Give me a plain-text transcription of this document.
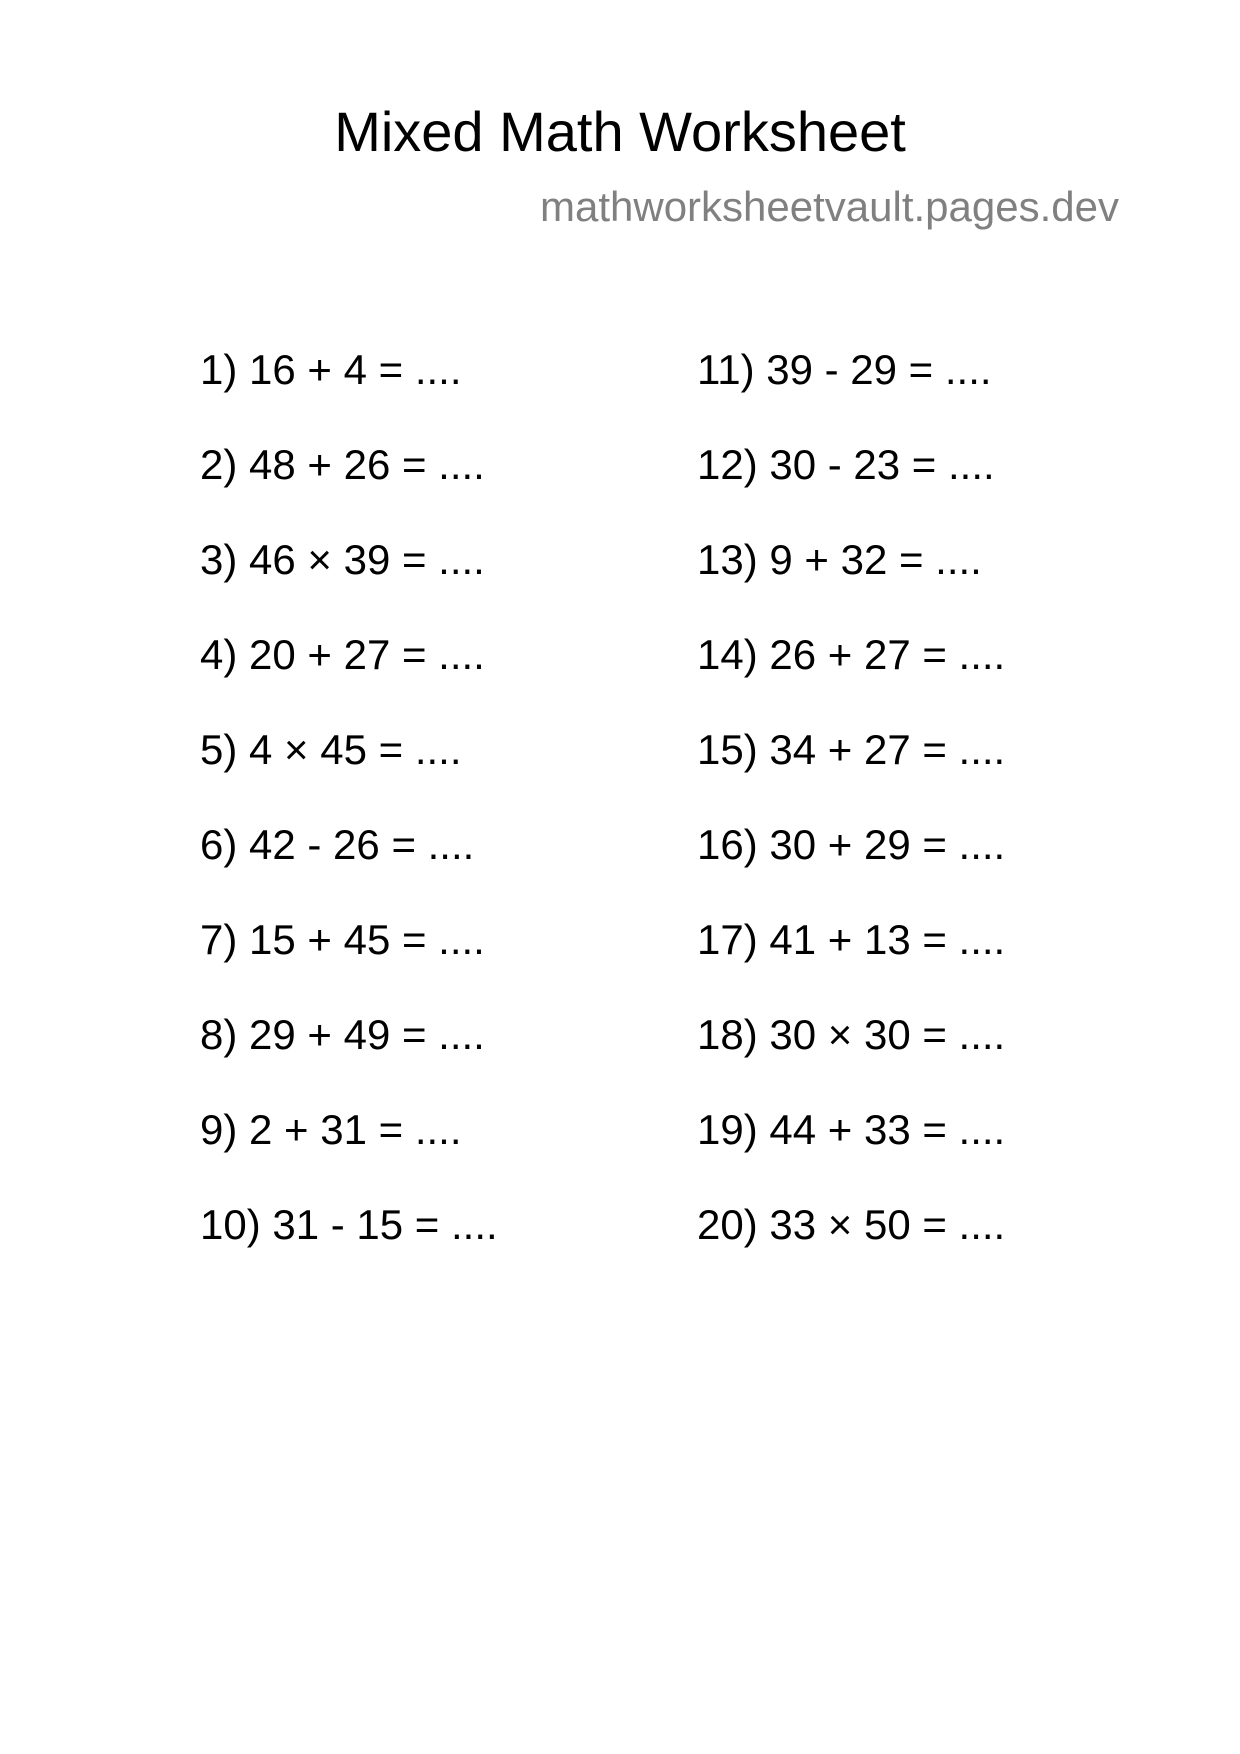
Mixed Math Worksheet
mathworksheetvault.pages.dev
1) 16 + 4 = ....
2) 48 + 26 = ....
3) 46 × 39 = ....
4) 20 + 27 = ....
5) 4 × 45 = ....
6) 42 - 26 = ....
7) 15 + 45 = ....
8) 29 + 49 = ....
9) 2 + 31 = ....
10) 31 - 15 = ....
11) 39 - 29 = ....
12) 30 - 23 = ....
13) 9 + 32 = ....
14) 26 + 27 = ....
15) 34 + 27 = ....
16) 30 + 29 = ....
17) 41 + 13 = ....
18) 30 × 30 = ....
19) 44 + 33 = ....
20) 33 × 50 = ....
